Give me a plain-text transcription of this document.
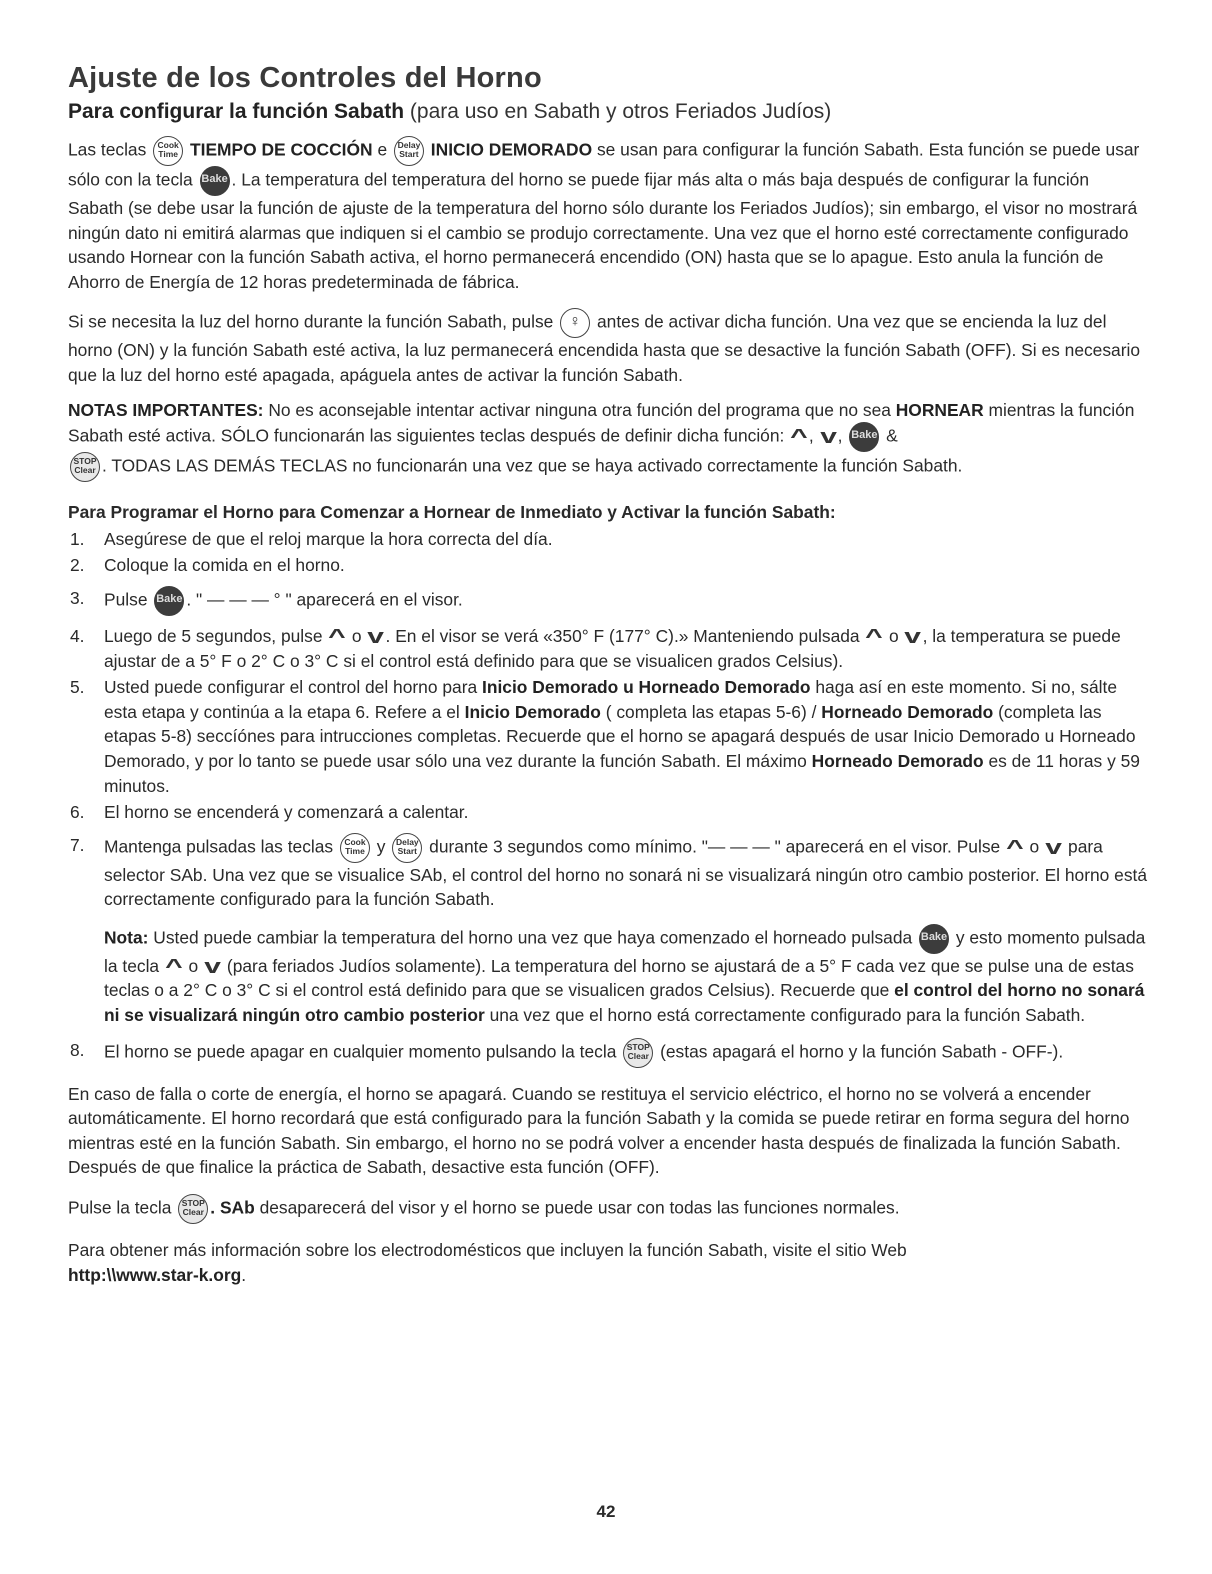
Ajuste de los Controles del Horno
Para configurar la función Sabath (para uso en Sabath y otros Feriados Judíos)

Las teclas Cook Time TIEMPO DE COCCIÓN e Delay Start INICIO DEMORADO se usan para configurar la función Sabath. Esta función se puede usar sólo con la tecla Bake . La temperatura del temperatura del horno se puede fijar más alta o más baja después de configurar la función Sabath (se debe usar la función de ajuste de la temperatura del horno sólo durante los Feriados Judíos); sin embargo, el visor no mostrará ningún dato ni emitirá alarmas que indiquen si el cambio se produjo correctamente. Una vez que el horno esté correctamente configurado usando Hornear con la función Sabath activa, el horno permanecerá encendido (ON) hasta que se lo apague. Esto anula la función de Ahorro de Energía de 12 horas predeterminada de fábrica.

Si se necesita la luz del horno durante la función Sabath, pulse ♀ antes de activar dicha función. Una vez que se encienda la luz del horno (ON) y la función Sabath esté activa, la luz permanecerá encendida hasta que se desactive la función Sabath (OFF). Si es necesario que la luz del horno esté apagada, apáguela antes de activar la función Sabath.

NOTAS IMPORTANTES: No es aconsejable intentar activar ninguna otra función del programa que no sea HORNEAR mientras la función Sabath esté activa. SÓLO funcionarán las siguientes teclas después de definir dicha función: ^, v, Bake &
STOP Clear . TODAS LAS DEMÁS TECLAS no funcionarán una vez que se haya activado correctamente la función Sabath.

Para Programar el Horno para Comenzar a Hornear de Inmediato y Activar la función Sabath:

1. Asegúrese de que el reloj marque la hora correcta del día.
2. Coloque la comida en el horno.
3. Pulse Bake . " — — — ° " aparecerá en el visor.
4. Luego de 5 segundos, pulse ^ o v. En el visor se verá «350° F (177° C).» Manteniendo pulsada ^ o v, la temperatura se puede ajustar de a 5° F o 2° C o 3° C si el control está definido para que se visualicen grados Celsius).
5. Usted puede configurar el control del horno para Inicio Demorado u Horneado Demorado haga así en este momento. Si no, sálte esta etapa y continúa a la etapa 6. Refere a el Inicio Demorado ( completa las etapas 5-6) / Horneado Demorado (completa las etapas 5-8) seccíónes para intrucciones completas. Recuerde que el horno se apagará después de usar Inicio Demorado u Horneado Demorado, y por lo tanto se puede usar sólo una vez durante la función Sabath. El máximo Horneado Demorado es de 11 horas y 59 minutos.
6. El horno se encenderá y comenzará a calentar.
7. Mantenga pulsadas las teclas Cook Time y Delay Start durante 3 segundos como mínimo. "— — — " aparecerá en el visor. Pulse ^ o v para selector SAb. Una vez que se visualice SAb, el control del horno no sonará ni se visualizará ningún otro cambio posterior. El horno está correctamente configurado para la función Sabath.

Nota: Usted puede cambiar la temperatura del horno una vez que haya comenzado el horneado pulsada Bake y esto momento pulsada la tecla ^ o v (para feriados Judíos solamente). La temperatura del horno se ajustará de a 5° F cada vez que se pulse una de estas teclas o a 2° C o 3° C si el control está definido para que se visualicen grados Celsius). Recuerde que el control del horno no sonará ni se visualizará ningún otro cambio posterior una vez que el horno está correctamente configurado para la función Sabath.

8. El horno se puede apagar en cualquier momento pulsando la tecla STOP Clear (estas apagará el horno y la función Sabath - OFF-).

En caso de falla o corte de energía, el horno se apagará. Cuando se restituya el servicio eléctrico, el horno no se volverá a encender automáticamente. El horno recordará que está configurado para la función Sabath y la comida se puede retirar en forma segura del horno mientras esté en la función Sabath. Sin embargo, el horno no se podrá volver a encender hasta después de finalizada la función Sabath. Después de que finalice la práctica de Sabath, desactive esta función (OFF).

Pulse la tecla STOP Clear . SAb desaparecerá del visor y el horno se puede usar con todas las funciones normales.

Para obtener más información sobre los electrodomésticos que incluyen la función Sabath, visite el sitio Web
http:\\www.star-k.org.

42
